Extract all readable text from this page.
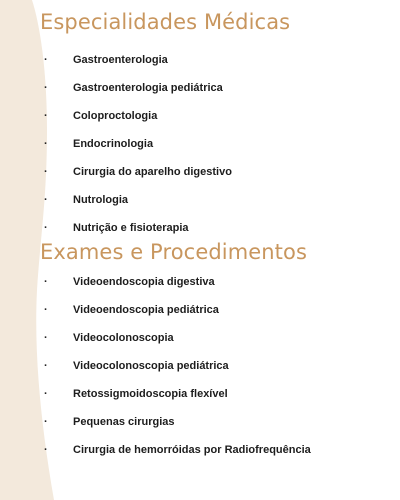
Especialidades Médicas
· Gastroenterologia
· Gastroenterologia pediátrica
· Coloproctologia
· Endocrinologia
· Cirurgia do aparelho digestivo
· Nutrologia
· Nutrição e fisioterapia
Exames e Procedimentos
· Videoendoscopia digestiva
· Videoendoscopia pediátrica
· Videocolonoscopia
· Videocolonoscopia pediátrica
· Retossigmoidoscopia flexível
· Pequenas cirurgias
· Cirurgia de hemorróidas por Radiofrequência
